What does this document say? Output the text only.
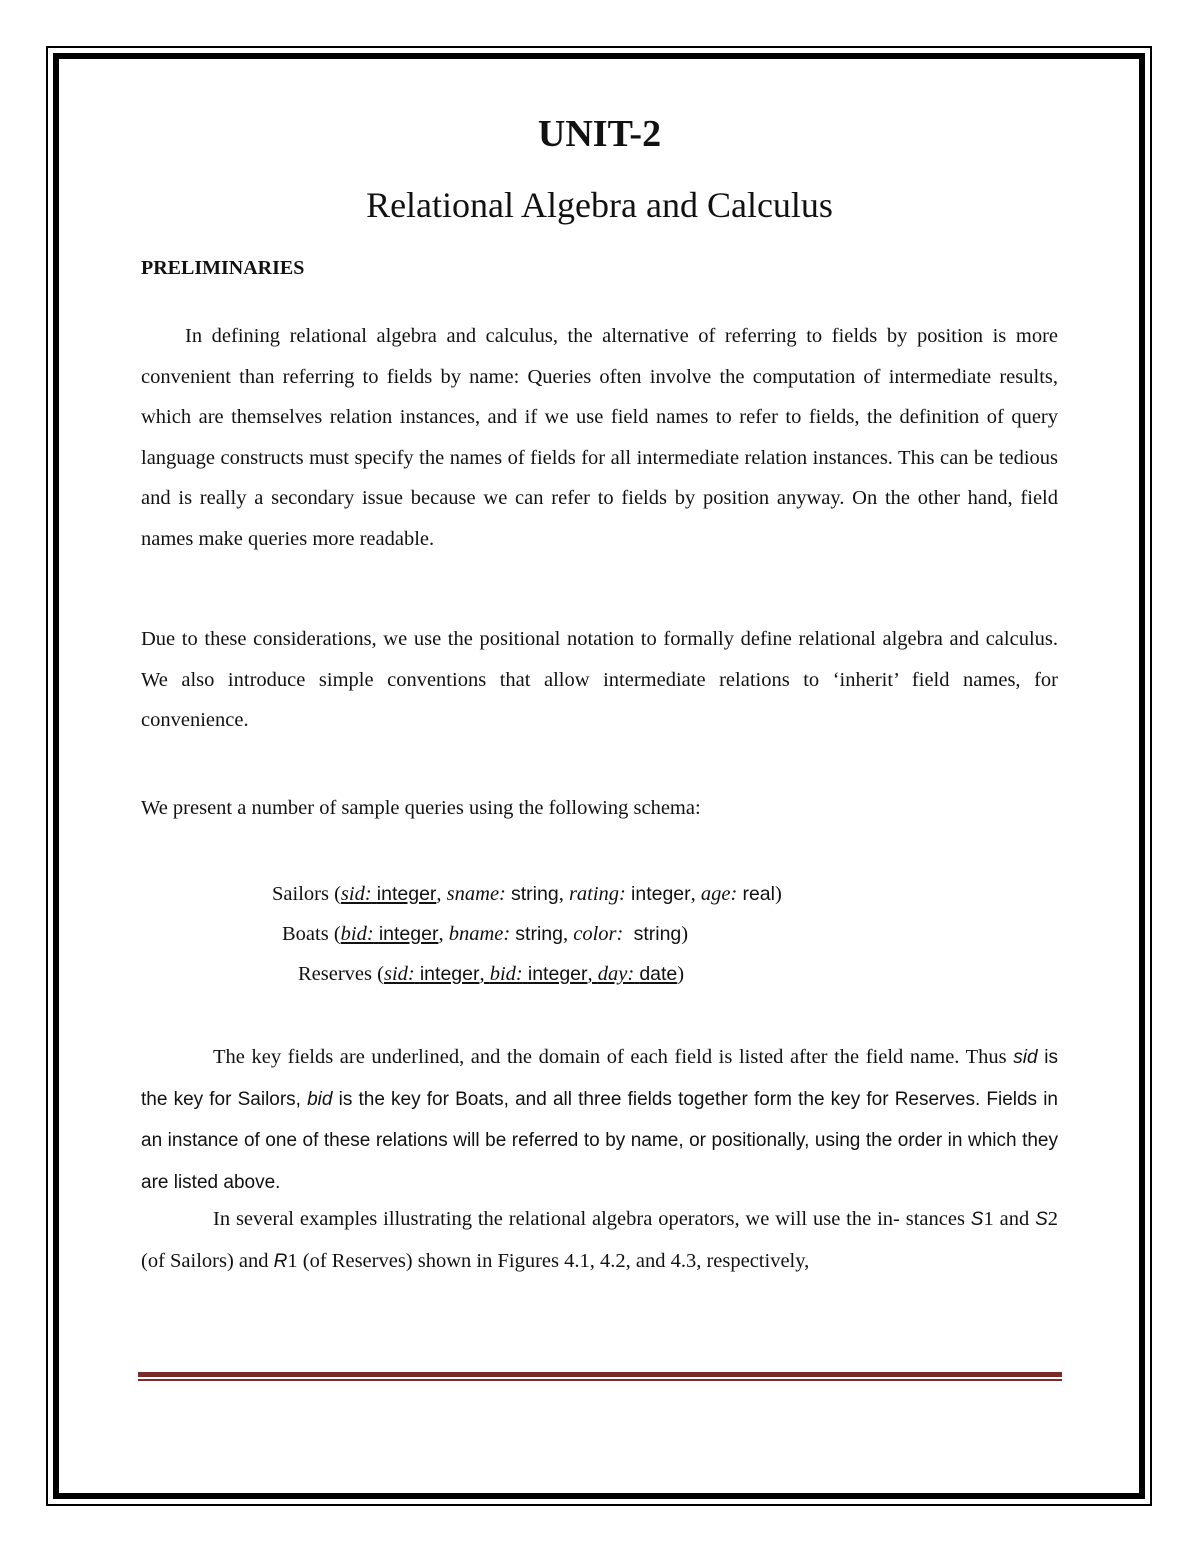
UNIT-2
Relational Algebra and Calculus
PRELIMINARIES

In defining relational algebra and calculus, the alternative of referring to fields by position is more convenient than referring to fields by name: Queries often involve the computation of intermediate results, which are themselves relation instances, and if we use field names to refer to fields, the definition of query language constructs must specify the names of fields for all intermediate relation instances. This can be tedious and is really a secondary issue because we can refer to fields by position anyway. On the other hand, field names make queries more readable.

Due to these considerations, we use the positional notation to formally define relational algebra and calculus. We also introduce simple conventions that allow intermediate relations to ‘inherit’ field names, for convenience.

We present a number of sample queries using the following schema:

Sailors (sid: integer, sname: string, rating: integer, age: real)
Boats (bid: integer, bname: string, color: string)
Reserves (sid: integer, bid: integer, day: date)

The key fields are underlined, and the domain of each field is listed after the field name. Thus sid is the key for Sailors, bid is the key for Boats, and all three fields together form the key for Reserves. Fields in an instance of one of these relations will be referred to by name, or positionally, using the order in which they are listed above.

In several examples illustrating the relational algebra operators, we will use the in- stances S1 and S2 (of Sailors) and R1 (of Reserves) shown in Figures 4.1, 4.2, and 4.3, respectively,
